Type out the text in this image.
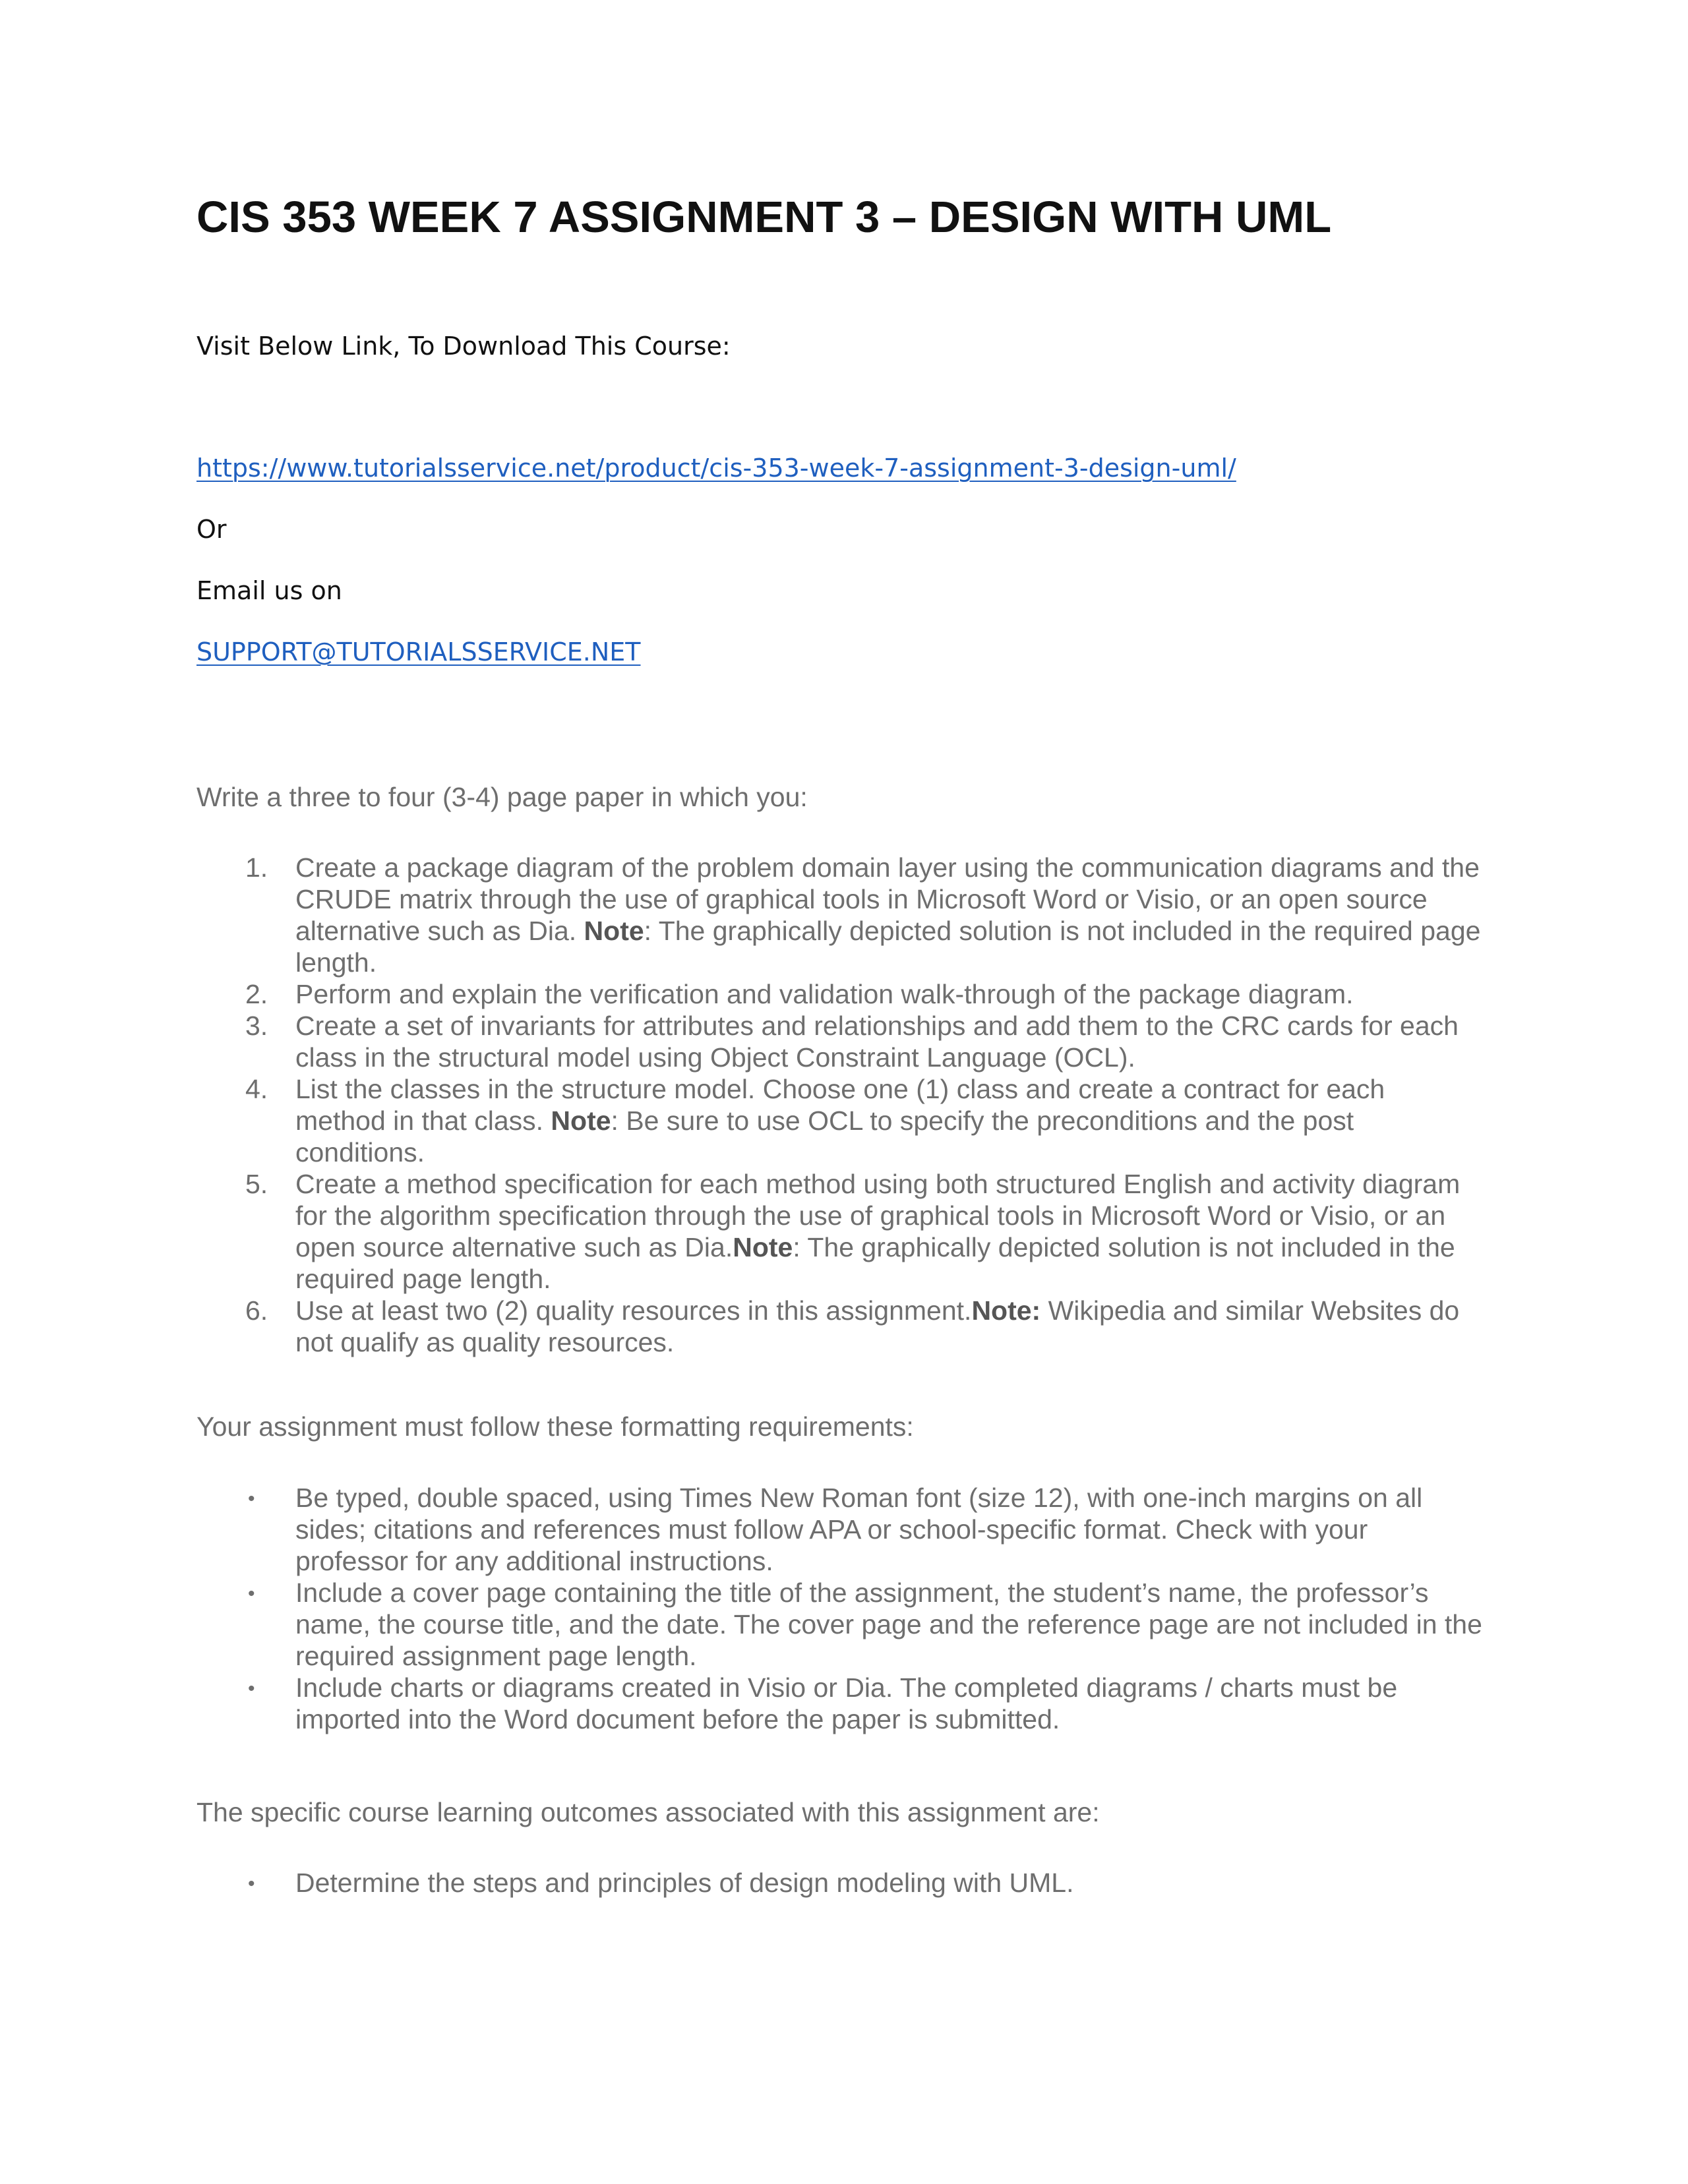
CIS 353 WEEK 7 ASSIGNMENT 3 – DESIGN WITH UML

Visit Below Link, To Download This Course:

https://www.tutorialsservice.net/product/cis-353-week-7-assignment-3-design-uml/

Or

Email us on

SUPPORT@TUTORIALSSERVICE.NET

Write a three to four (3-4) page paper in which you:

1. Create a package diagram of the problem domain layer using the communication diagrams and the CRUDE matrix through the use of graphical tools in Microsoft Word or Visio, or an open source alternative such as Dia. Note: The graphically depicted solution is not included in the required page length.
2. Perform and explain the verification and validation walk-through of the package diagram.
3. Create a set of invariants for attributes and relationships and add them to the CRC cards for each class in the structural model using Object Constraint Language (OCL).
4. List the classes in the structure model. Choose one (1) class and create a contract for each method in that class. Note: Be sure to use OCL to specify the preconditions and the post conditions.
5. Create a method specification for each method using both structured English and activity diagram for the algorithm specification through the use of graphical tools in Microsoft Word or Visio, or an open source alternative such as Dia.Note: The graphically depicted solution is not included in the required page length.
6. Use at least two (2) quality resources in this assignment.Note: Wikipedia and similar Websites do not qualify as quality resources.

Your assignment must follow these formatting requirements:

• Be typed, double spaced, using Times New Roman font (size 12), with one-inch margins on all sides; citations and references must follow APA or school-specific format. Check with your professor for any additional instructions.
• Include a cover page containing the title of the assignment, the student’s name, the professor’s name, the course title, and the date. The cover page and the reference page are not included in the required assignment page length.
• Include charts or diagrams created in Visio or Dia. The completed diagrams / charts must be imported into the Word document before the paper is submitted.

The specific course learning outcomes associated with this assignment are:

• Determine the steps and principles of design modeling with UML.
